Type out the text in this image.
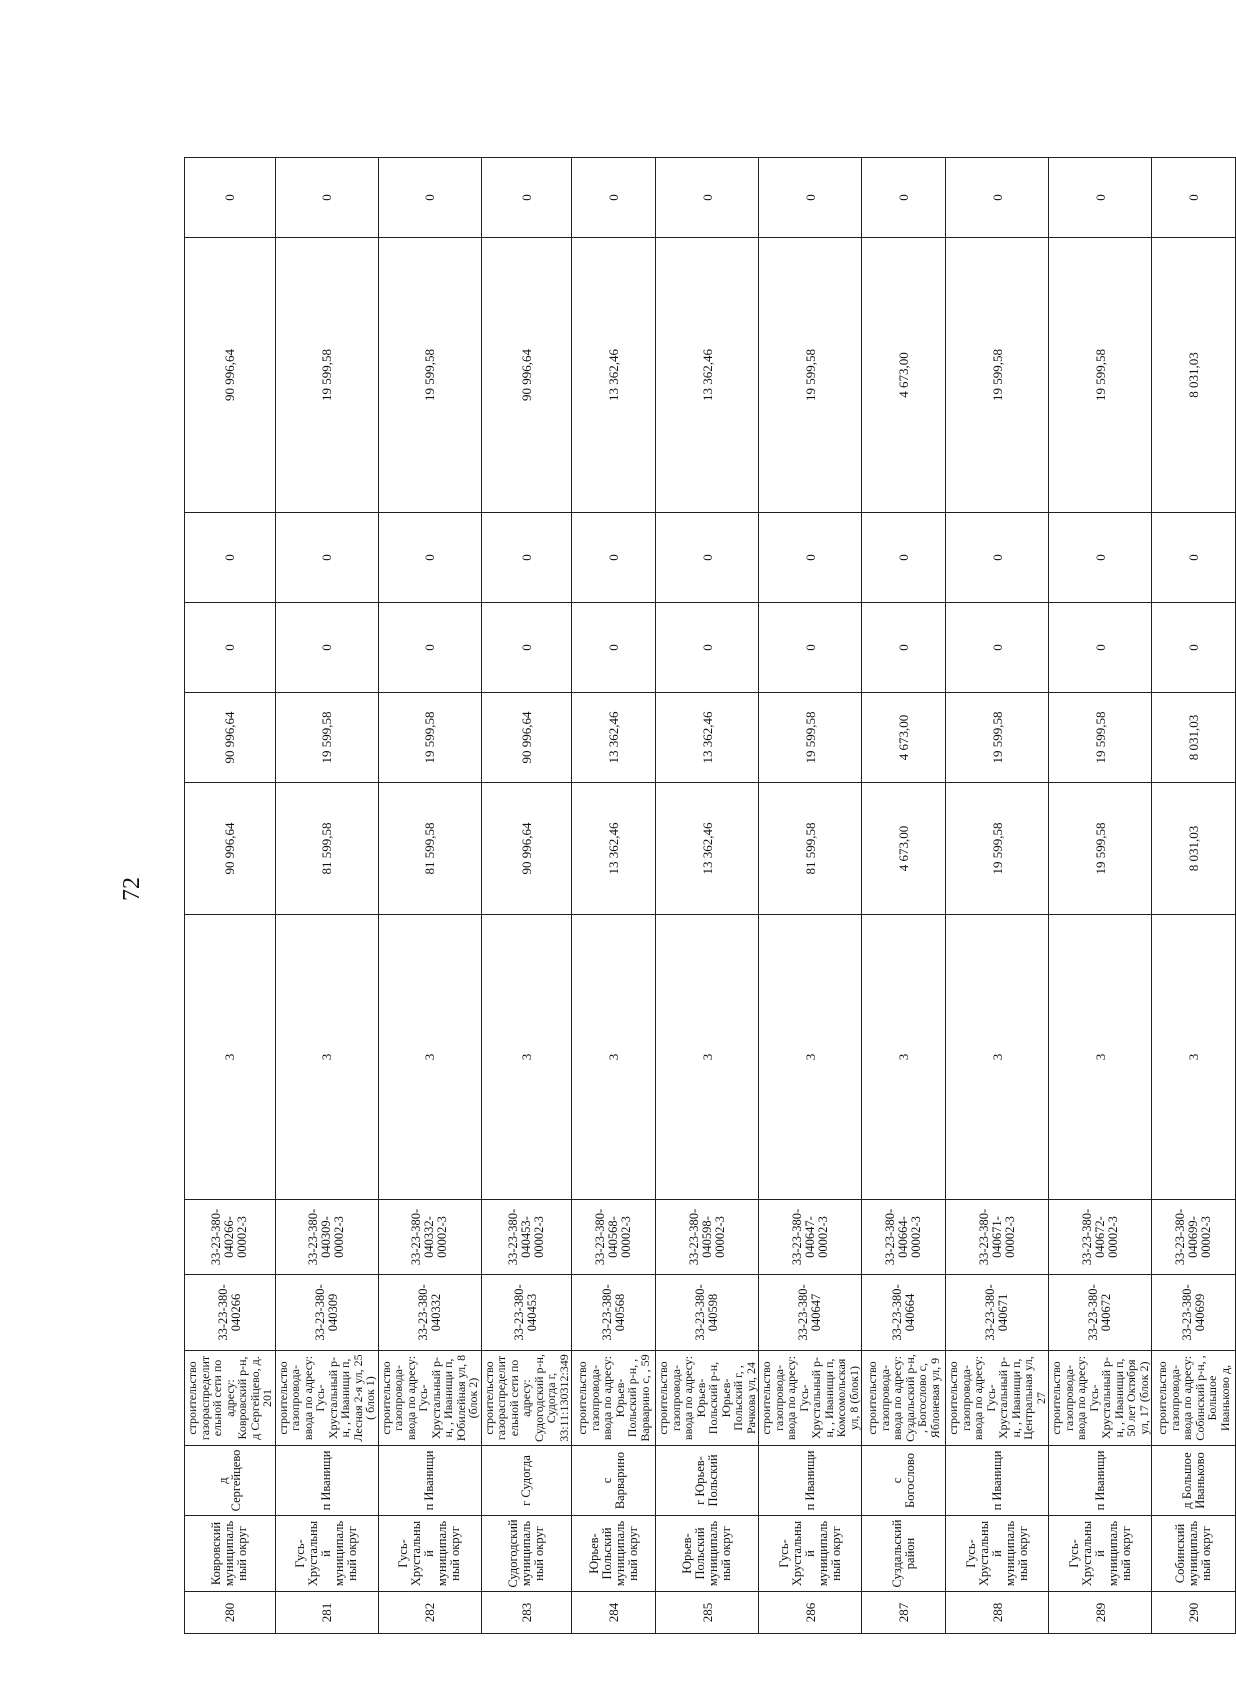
72
280	Ковровский муниципальный округ	д Сергейцево	строительство газораспределительной сети по адресу: Ковровский р-н, д Сергейцево, д. 201	33-23-380-040266	33-23-380-040266-00002-3	3	90 996,64	90 996,64	0	0	90 996,64	0
281	Гусь-Хрустальный муниципальный округ	п Иванищи	строительство газопровода-ввода по адресу: Гусь-Хрустальный р-н, , Иванищи п, Лесная 2-я ул, 25 ( блок 1)	33-23-380-040309	33-23-380-040309-00002-3	3	81 599,58	19 599,58	0	0	19 599,58	0
282	Гусь-Хрустальный муниципальный округ	п Иванищи	строительство газопровода-ввода по адресу: Гусь-Хрустальный р-н, , Иванищи п, Юбилейная ул, 8 (блок 2)	33-23-380-040332	33-23-380-040332-00002-3	3	81 599,58	19 599,58	0	0	19 599,58	0
283	Судогодский муниципальный округ	г Судогда	строительство газораспределительной сети по адресу: Судогодский р-н, Судогда г, 33:11:130312:349	33-23-380-040453	33-23-380-040453-00002-3	3	90 996,64	90 996,64	0	0	90 996,64	0
284	Юрьев-Польский муниципальный округ	с Варварино	строительство газопровода-ввода по адресу: Юрьев-Польский р-н, , Варварино с, , 59	33-23-380-040568	33-23-380-040568-00002-3	3	13 362,46	13 362,46	0	0	13 362,46	0
285	Юрьев-Польский муниципальный округ	г Юрьев-Польский	строительство газопровода-ввода по адресу: Юрьев-Польский р-н, Юрьев-Польский г, , Рачкова ул, 24	33-23-380-040598	33-23-380-040598-00002-3	3	13 362,46	13 362,46	0	0	13 362,46	0
286	Гусь-Хрустальный муниципальный округ	п Иванищи	строительство газопровода-ввода по адресу: Гусь-Хрустальный р-н, , Иванищи п, Комсомольская ул, 8 (блок1)	33-23-380-040647	33-23-380-040647-00002-3	3	81 599,58	19 599,58	0	0	19 599,58	0
287	Суздальский район	с Богослово	строительство газопровода-ввода по адресу: Суздальский р-н, , Богослово с, Яблоневая ул, 9	33-23-380-040664	33-23-380-040664-00002-3	3	4 673,00	4 673,00	0	0	4 673,00	0
288	Гусь-Хрустальный муниципальный округ	п Иванищи	строительство газопровода-ввода по адресу: Гусь-Хрустальный р-н, , Иванищи п, Центральная ул, 27	33-23-380-040671	33-23-380-040671-00002-3	3	19 599,58	19 599,58	0	0	19 599,58	0
289	Гусь-Хрустальный муниципальный округ	п Иванищи	строительство газопровода-ввода по адресу: Гусь-Хрустальный р-н, , Иванищи п, 50 лет Октября ул, 17 (блок 2)	33-23-380-040672	33-23-380-040672-00002-3	3	19 599,58	19 599,58	0	0	19 599,58	0
290	Собинский муниципальный округ	д Большое Иваньково	строительство газопровода-ввода по адресу: Собинский р-н, , Большое Иваньково д,	33-23-380-040699	33-23-380-040699-00002-3	3	8 031,03	8 031,03	0	0	8 031,03	0
